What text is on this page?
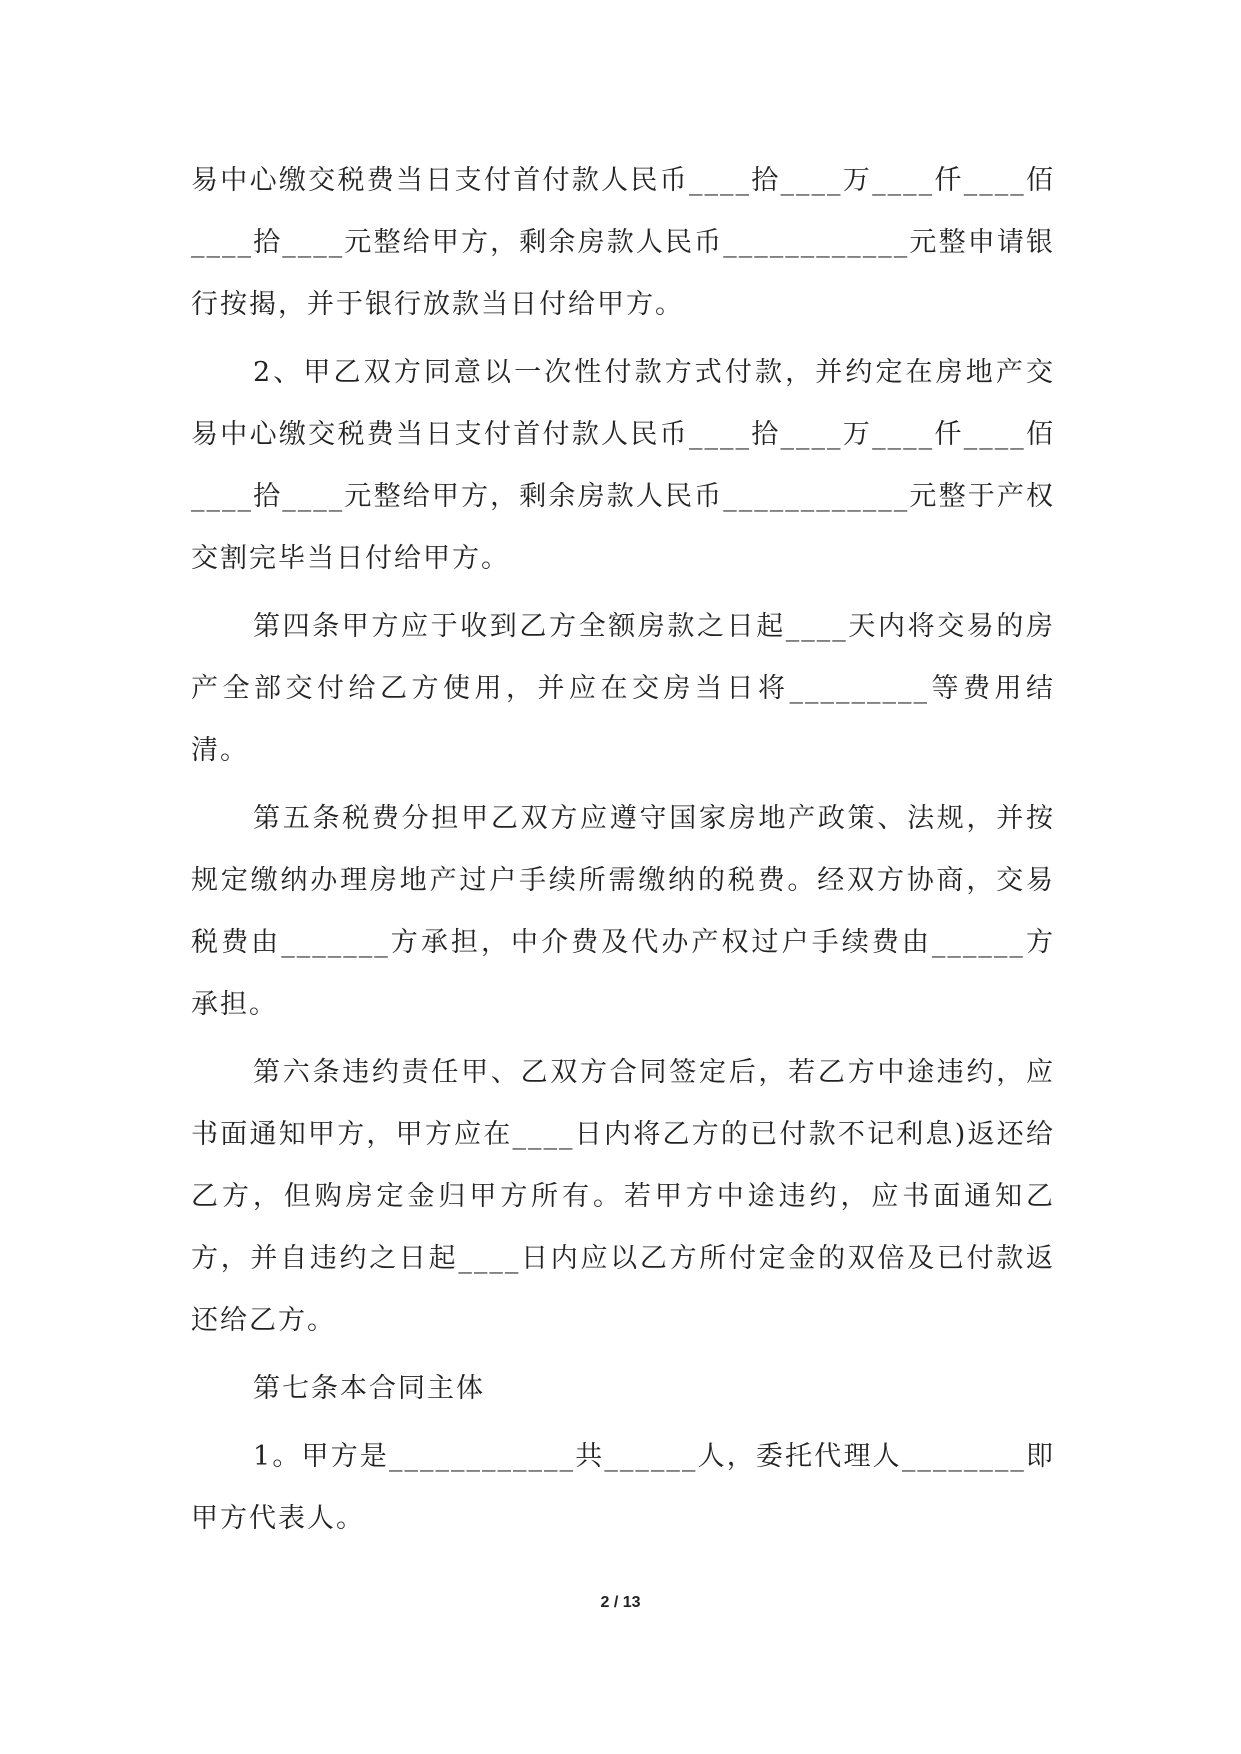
易中心缴交税费当日支付首付款人民币____拾____万____仟____佰____拾____元整给甲方，剩余房款人民币____________元整申请银行按揭，并于银行放款当日付给甲方。

2、甲乙双方同意以一次性付款方式付款，并约定在房地产交易中心缴交税费当日支付首付款人民币____拾____万____仟____佰____拾____元整给甲方，剩余房款人民币____________元整于产权交割完毕当日付给甲方。

第四条甲方应于收到乙方全额房款之日起____天内将交易的房产全部交付给乙方使用，并应在交房当日将_________等费用结清。

第五条税费分担甲乙双方应遵守国家房地产政策、法规，并按规定缴纳办理房地产过户手续所需缴纳的税费。经双方协商，交易税费由_______方承担，中介费及代办产权过户手续费由______方承担。

第六条违约责任甲、乙双方合同签定后，若乙方中途违约，应书面通知甲方，甲方应在____日内将乙方的已付款不记利息)返还给乙方，但购房定金归甲方所有。若甲方中途违约，应书面通知乙方，并自违约之日起____日内应以乙方所付定金的双倍及已付款返还给乙方。

第七条本合同主体

1。甲方是____________共______人，委托代理人________即甲方代表人。

2 / 13
